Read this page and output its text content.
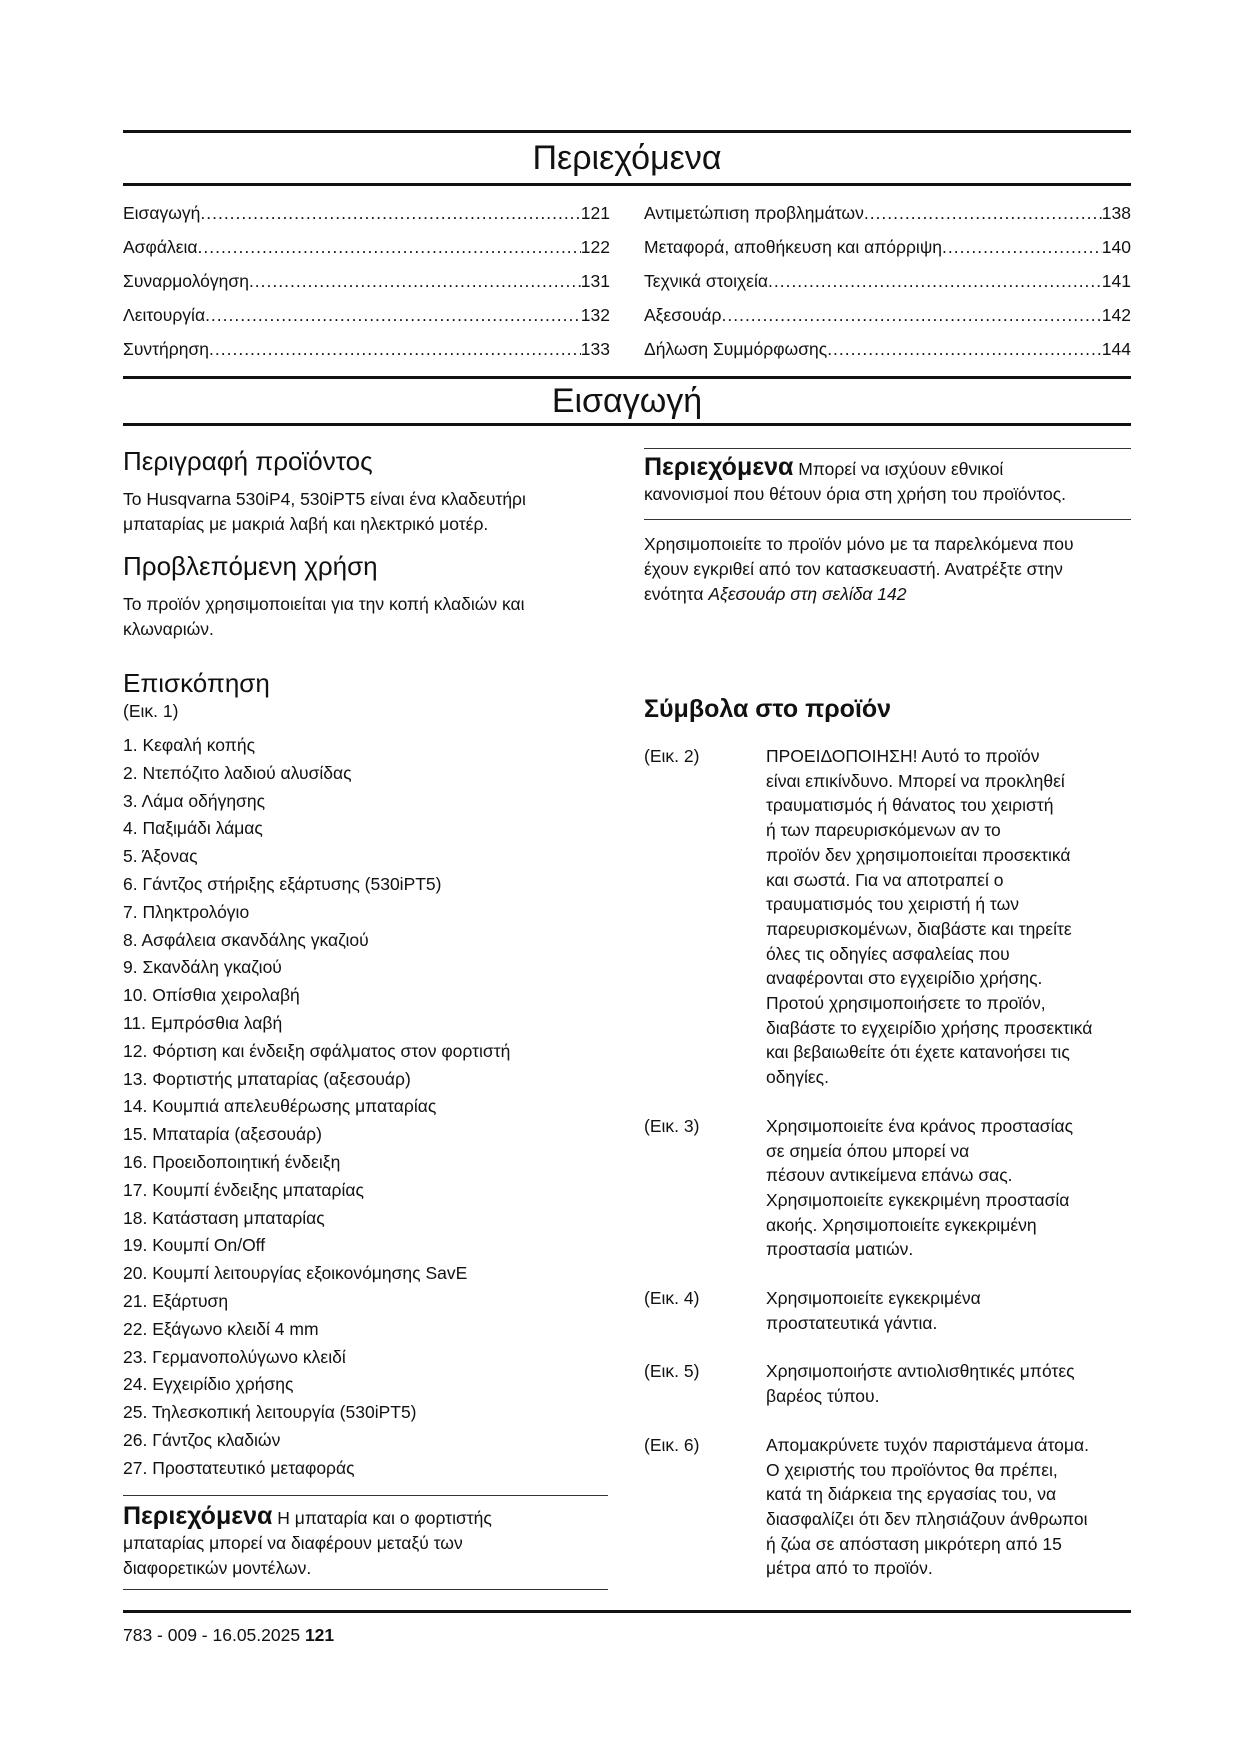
Περιεχόμενα
Εισαγωγή .....	121
Ασφάλεια .....	122
Συναρμολόγηση .....	131
Λειτουργία .....	132
Συντήρηση .....	133
Αντιμετώπιση προβλημάτων .....	138
Μεταφορά, αποθήκευση και απόρριψη .....	140
Τεχνικά στοιχεία .....	141
Αξεσουάρ .....	142
Δήλωση Συμμόρφωσης .....	144
Εισαγωγή
Περιγραφή προϊόντος

Το Husqvarna 530iP4, 530iPT5 είναι ένα κλαδευτήρι

μπαταρίας με μακριά λαβή και ηλεκτρικό μοτέρ.

Προβλεπόμενη χρήση

Το προϊόν χρησιμοποιείται για την κοπή κλαδιών και

κλωναριών.

Επισκόπηση

(Εικ. 1)

1. Κεφαλή κοπής
2. Ντεπόζιτο λαδιού αλυσίδας
3. Λάμα οδήγησης
4. Παξιμάδι λάμας
5. Άξονας
6. Γάντζος στήριξης εξάρτυσης (530iPT5)
7. Πληκτρολόγιο
8. Ασφάλεια σκανδάλης γκαζιού
9. Σκανδάλη γκαζιού
10. Οπίσθια χειρολαβή
11. Εμπρόσθια λαβή
12. Φόρτιση και ένδειξη σφάλματος στον φορτιστή
13. Φορτιστής μπαταρίας (αξεσουάρ)
14. Κουμπιά απελευθέρωσης μπαταρίας
15. Μπαταρία (αξεσουάρ)
16. Προειδοποιητική ένδειξη
17. Κουμπί ένδειξης μπαταρίας
18. Κατάσταση μπαταρίας
19. Κουμπί On/Off
20. Κουμπί λειτουργίας εξοικονόμησης SavE
21. Εξάρτυση
22. Εξάγωνο κλειδί 4 mm
23. Γερμανοπολύγωνο κλειδί
24. Εγχειρίδιο χρήσης
25. Τηλεσκοπική λειτουργία (530iPT5)
26. Γάντζος κλαδιών
27. Προστατευτικό μεταφοράς
Περιεχόμενα Η μπαταρία και ο φορτιστής
μπαταρίας μπορεί να διαφέρουν μεταξύ των
διαφορετικών μοντέλων.
Περιεχόμενα Μπορεί να ισχύουν εθνικοί
κανονισμοί που θέτουν όρια στη χρήση του προϊόντος.
Χρησιμοποιείτε το προϊόν μόνο με τα παρελκόμενα που
έχουν εγκριθεί από τον κατασκευαστή. Ανατρέξτε στην
ενότητα Αξεσουάρ στη σελίδα 142
Σύμβολα στο προϊόν
(Εικ. 2)	ΠΡΟΕΙΔΟΠΟΙΗΣΗ! Αυτό το προϊόν
είναι επικίνδυνο. Μπορεί να προκληθεί
τραυματισμός ή θάνατος του χειριστή
ή των παρευρισκόμενων αν το
προϊόν δεν χρησιμοποιείται προσεκτικά
και σωστά. Για να αποτραπεί ο
τραυματισμός του χειριστή ή των
παρευρισκομένων, διαβάστε και τηρείτε
όλες τις οδηγίες ασφαλείας που
αναφέρονται στο εγχειρίδιο χρήσης.
Προτού χρησιμοποιήσετε το προϊόν,
διαβάστε το εγχειρίδιο χρήσης προσεκτικά
και βεβαιωθείτε ότι έχετε κατανοήσει τις
οδηγίες.
(Εικ. 3)	Χρησιμοποιείτε ένα κράνος προστασίας
σε σημεία όπου μπορεί να
πέσουν αντικείμενα επάνω σας.
Χρησιμοποιείτε εγκεκριμένη προστασία
ακοής. Χρησιμοποιείτε εγκεκριμένη
προστασία ματιών.
(Εικ. 4)	Χρησιμοποιείτε εγκεκριμένα
προστατευτικά γάντια.
(Εικ. 5)	Χρησιμοποιήστε αντιολισθητικές μπότες
βαρέος τύπου.
(Εικ. 6)	Απομακρύνετε τυχόν παριστάμενα άτομα.
Ο χειριστής του προϊόντος θα πρέπει,
κατά τη διάρκεια της εργασίας του, να
διασφαλίζει ότι δεν πλησιάζουν άνθρωποι
ή ζώα σε απόσταση μικρότερη από 15
μέτρα από το προϊόν.
783 - 009 - 16.05.2025 121
